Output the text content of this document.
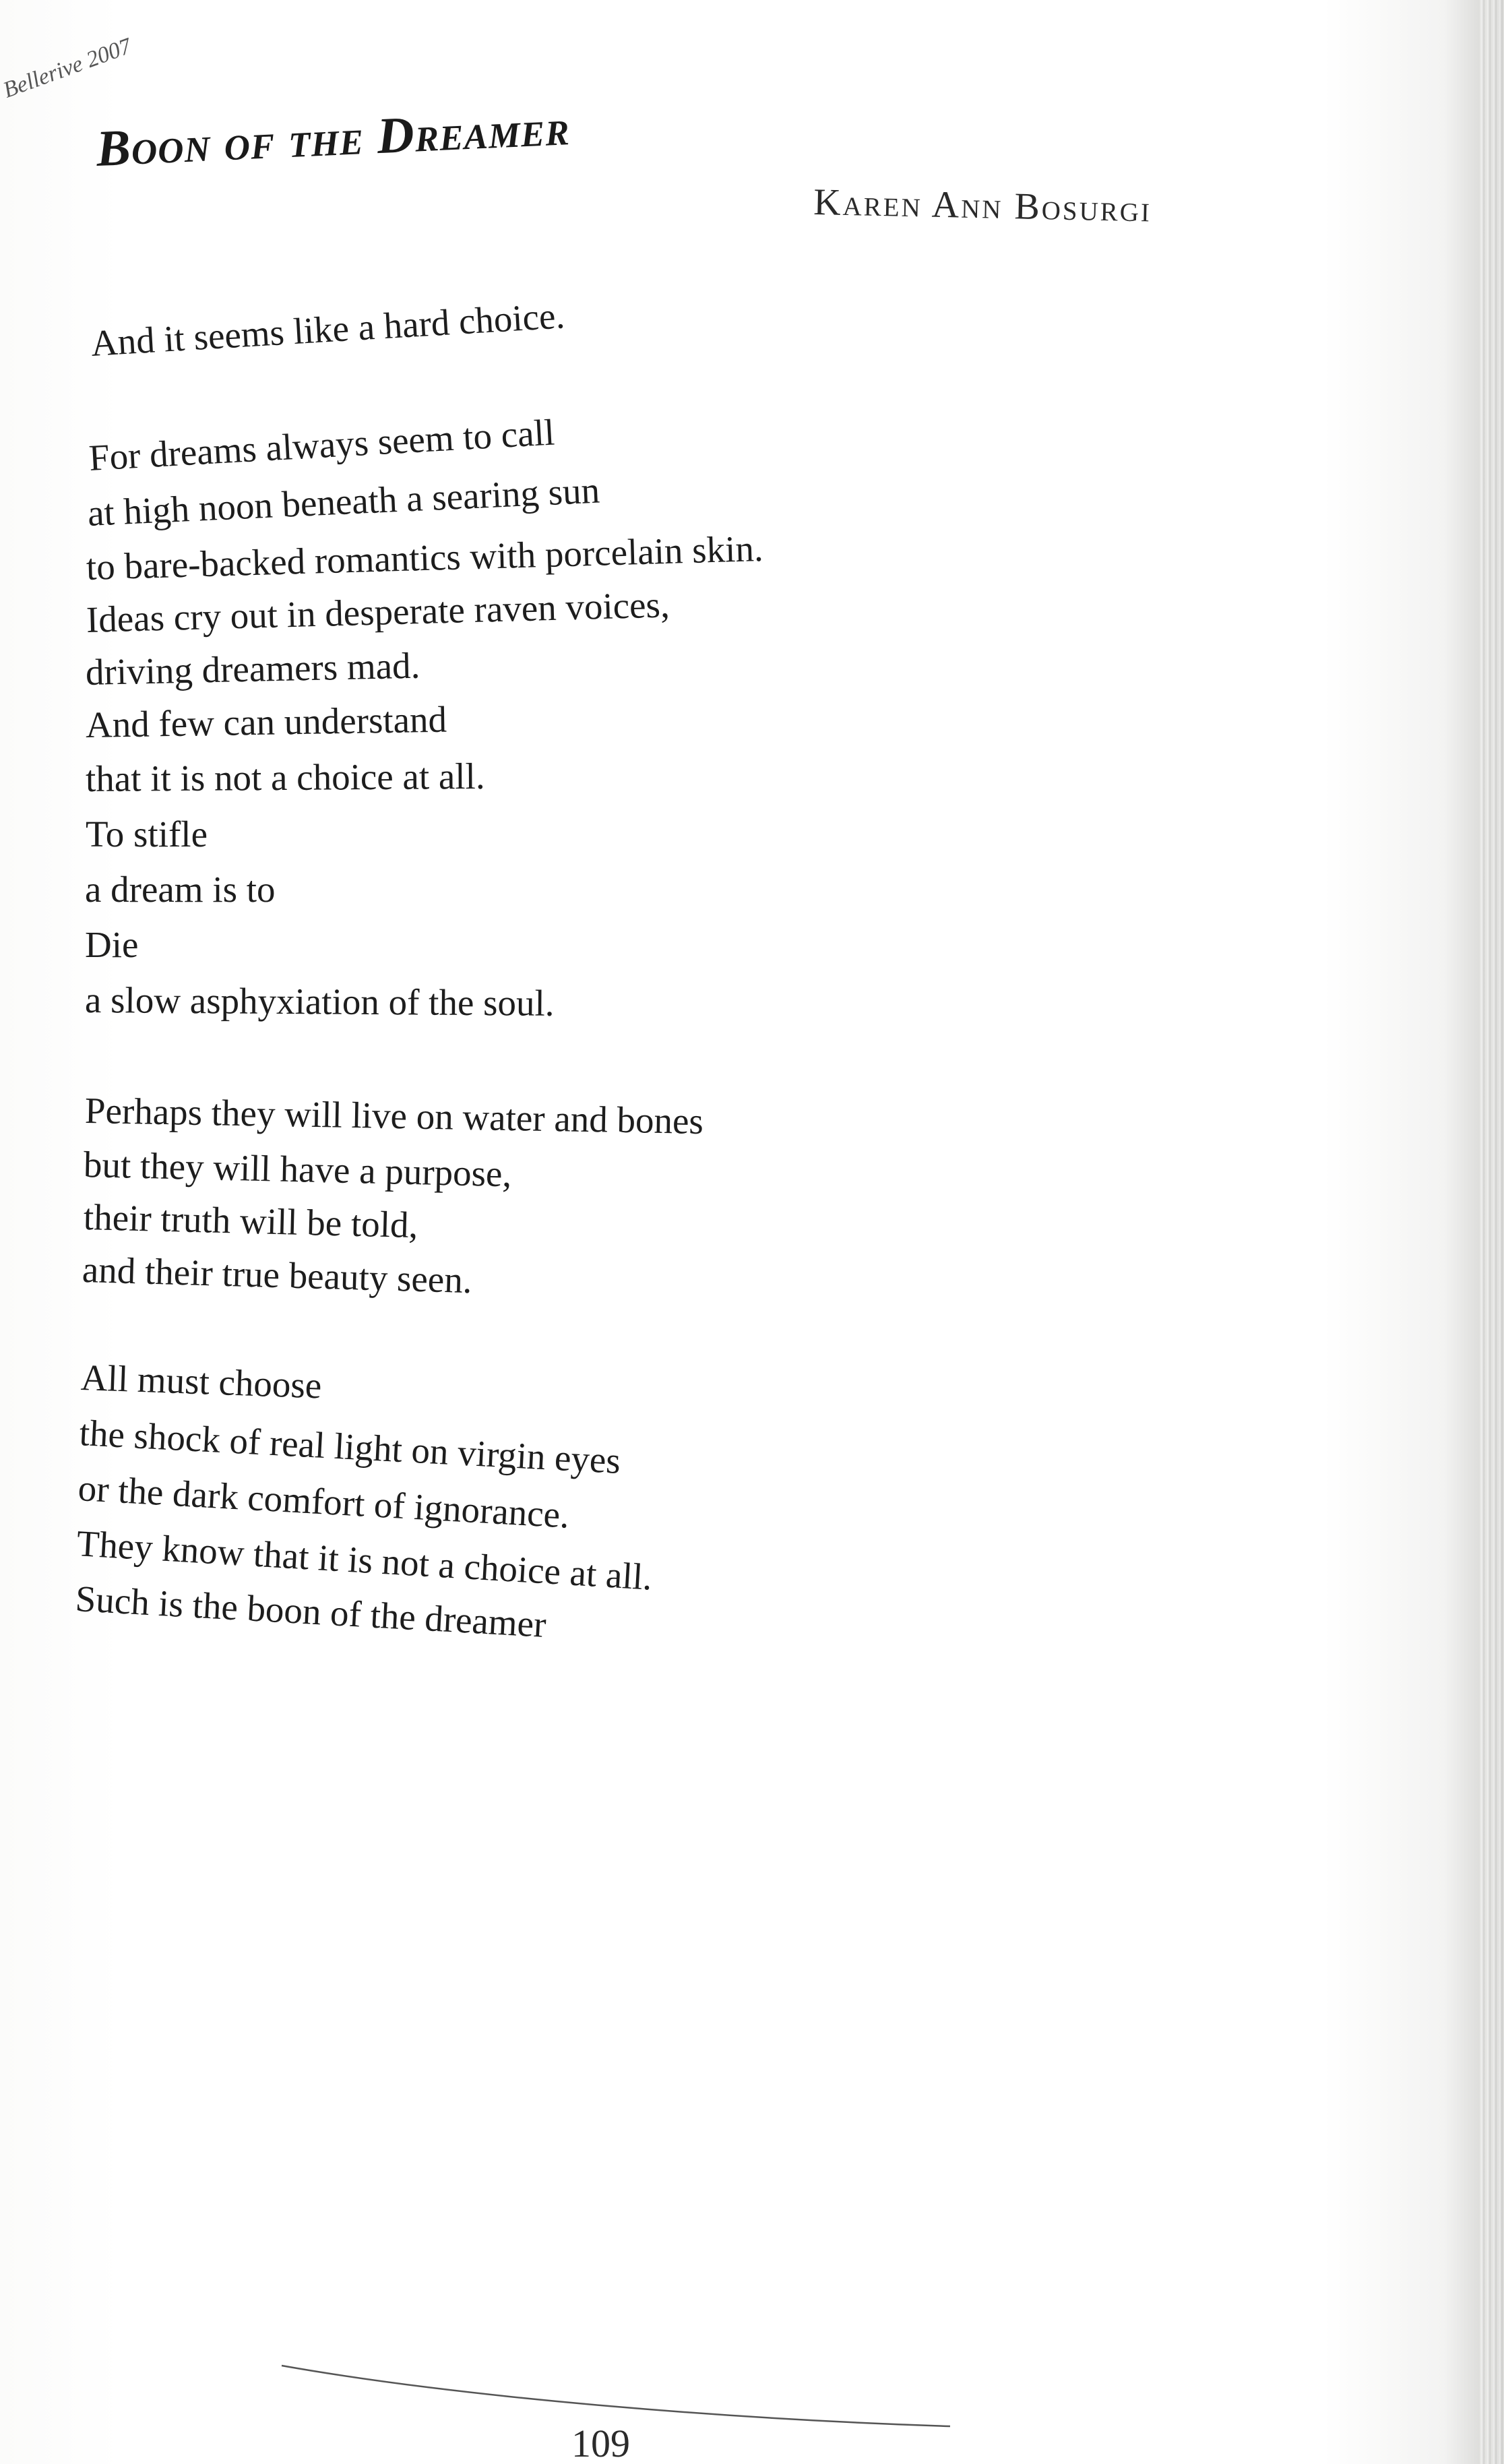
Bellerive 2007
Boon of the Dreamer
Karen Ann Bosurgi
And it seems like a hard choice.
For dreams always seem to call
at high noon beneath a searing sun
to bare-backed romantics with porcelain skin.
Ideas cry out in desperate raven voices,
driving dreamers mad.
And few can understand
that it is not a choice at all.
To stifle
a dream is to
Die
a slow asphyxiation of the soul.
Perhaps they will live on water and bones
but they will have a purpose,
their truth will be told,
and their true beauty seen.
All must choose
the shock of real light on virgin eyes
or the dark comfort of ignorance.
They know that it is not a choice at all.
Such is the boon of the dreamer
109
